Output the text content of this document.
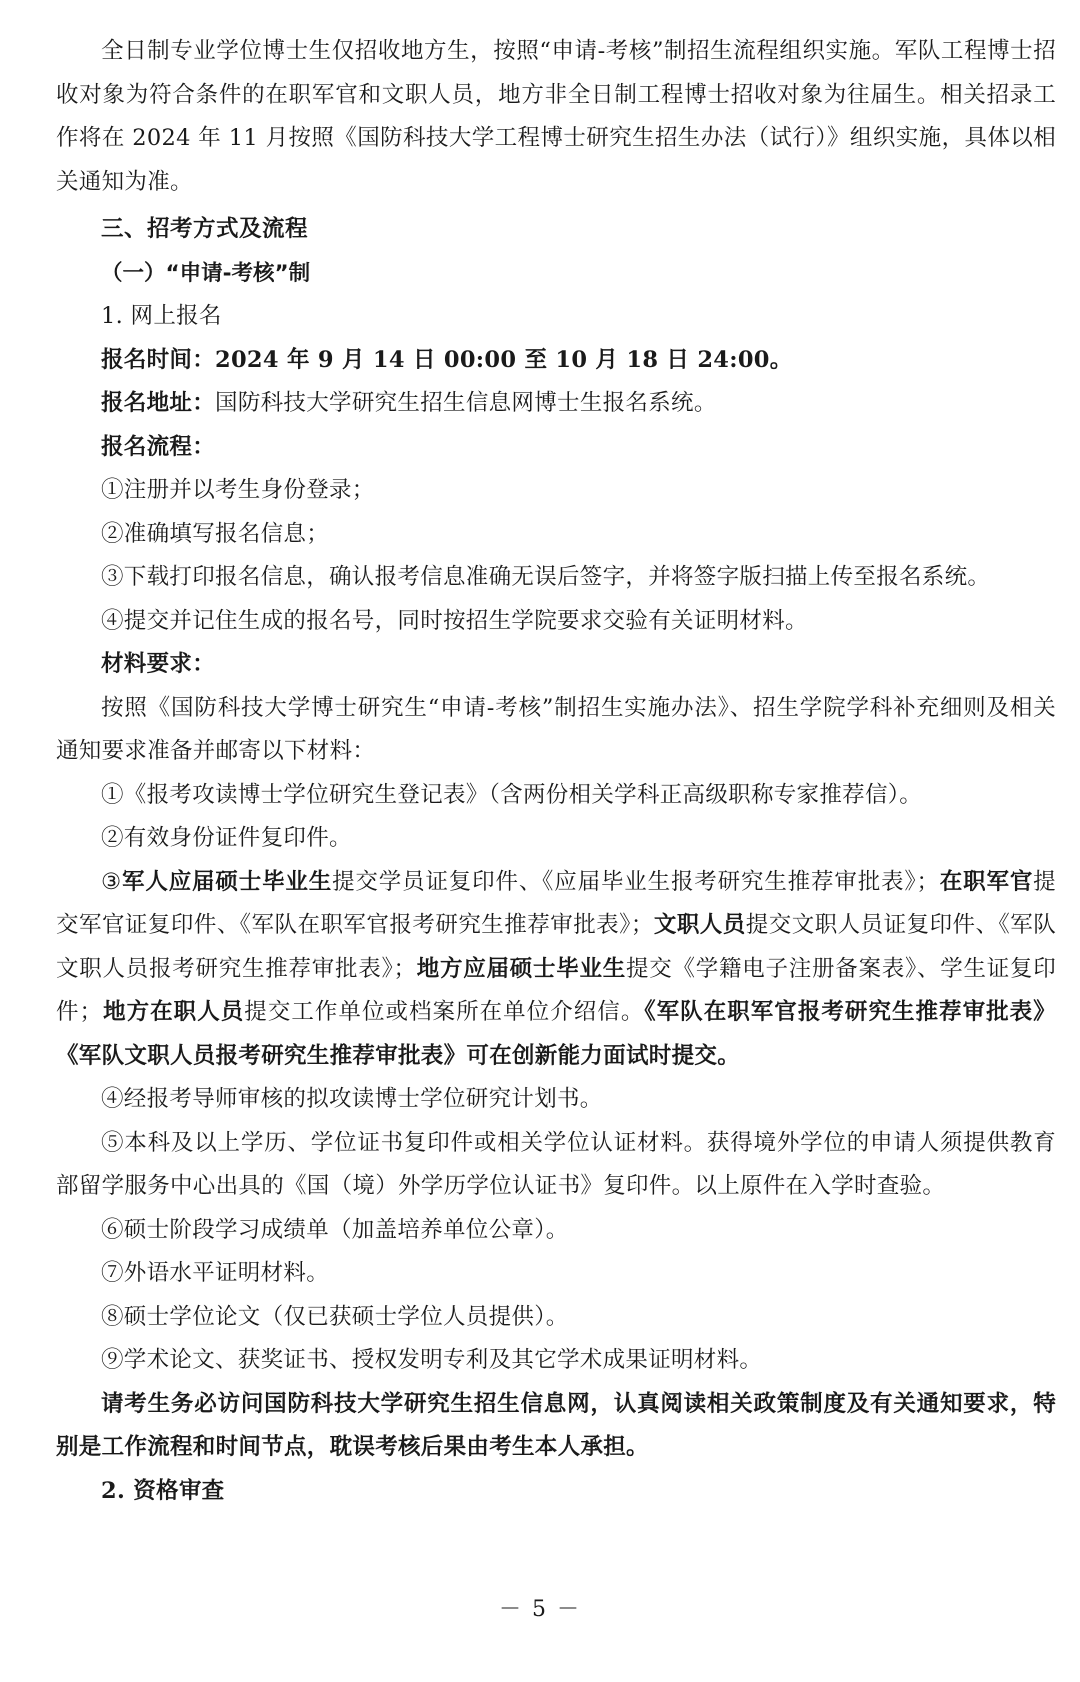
全日制专业学位博士生仅招收地方生，按照“申请-考核”制招生流程组织实施。军队工程博士招收对象为符合条件的在职军官和文职人员，地方非全日制工程博士招收对象为往届生。相关招录工作将在 2024 年 11 月按照《国防科技大学工程博士研究生招生办法（试行）》组织实施，具体以相关通知为准。

三、招考方式及流程

（一）“申请-考核”制

1. 网上报名

报名时间：2024 年 9 月 14 日 00:00 至 10 月 18 日 24:00。

报名地址：国防科技大学研究生招生信息网博士生报名系统。

报名流程：

①注册并以考生身份登录；

②准确填写报名信息；

③下载打印报名信息，确认报考信息准确无误后签字，并将签字版扫描上传至报名系统。

④提交并记住生成的报名号，同时按招生学院要求交验有关证明材料。

材料要求：

按照《国防科技大学博士研究生“申请-考核”制招生实施办法》、招生学院学科补充细则及相关通知要求准备并邮寄以下材料：

①《报考攻读博士学位研究生登记表》（含两份相关学科正高级职称专家推荐信）。

②有效身份证件复印件。

③军人应届硕士毕业生提交学员证复印件、《应届毕业生报考研究生推荐审批表》；在职军官提交军官证复印件、《军队在职军官报考研究生推荐审批表》；文职人员提交文职人员证复印件、《军队文职人员报考研究生推荐审批表》；地方应届硕士毕业生提交《学籍电子注册备案表》、学生证复印件；地方在职人员提交工作单位或档案所在单位介绍信。《军队在职军官报考研究生推荐审批表》《军队文职人员报考研究生推荐审批表》可在创新能力面试时提交。

④经报考导师审核的拟攻读博士学位研究计划书。

⑤本科及以上学历、学位证书复印件或相关学位认证材料。获得境外学位的申请人须提供教育部留学服务中心出具的《国（境）外学历学位认证书》复印件。以上原件在入学时查验。

⑥硕士阶段学习成绩单（加盖培养单位公章）。

⑦外语水平证明材料。

⑧硕士学位论文（仅已获硕士学位人员提供）。

⑨学术论文、获奖证书、授权发明专利及其它学术成果证明材料。

请考生务必访问国防科技大学研究生招生信息网，认真阅读相关政策制度及有关通知要求，特别是工作流程和时间节点，耽误考核后果由考生本人承担。

2. 资格审查

－ 5 －
